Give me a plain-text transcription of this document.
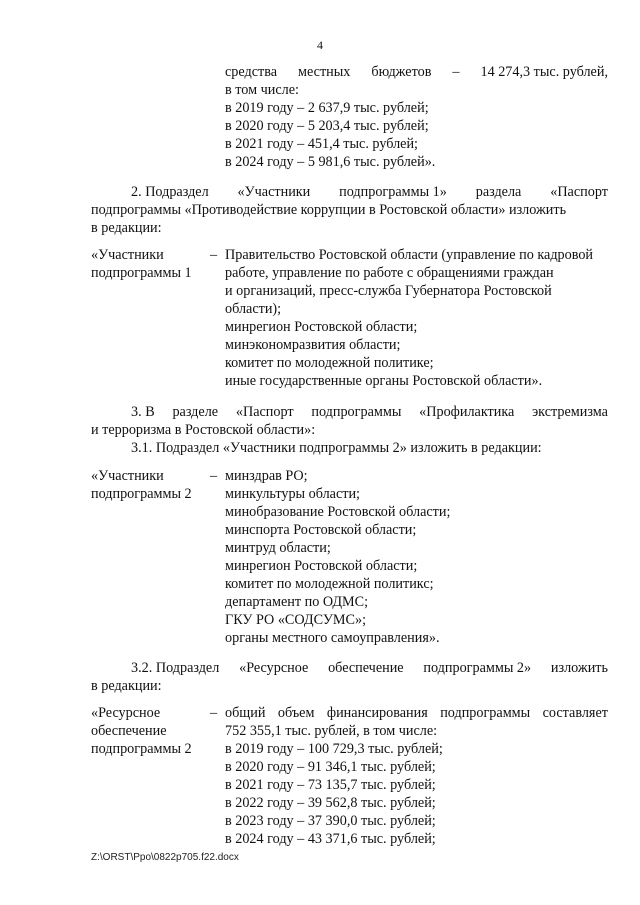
4
средства местных бюджетов – 14 274,3 тыс. рублей,
в том числе:
в 2019 году – 2 637,9 тыс. рублей;
в 2020 году – 5 203,4 тыс. рублей;
в 2021 году – 451,4 тыс. рублей;
в 2024 году – 5 981,6 тыс. рублей».
2. Подраздел «Участники подпрограммы 1» раздела «Паспорт
подпрограммы «Противодействие коррупции в Ростовской области» изложить
в редакции:
«Участники
подпрограммы 1
– Правительство Ростовской области (управление по кадровой
работе, управление по работе с обращениями граждан
и организаций, пресс-служба Губернатора Ростовской
области);
минрегион Ростовской области;
минэкономразвития области;
комитет по молодежной политике;
иные государственные органы Ростовской области».
3. В разделе «Паспорт подпрограммы «Профилактика экстремизма
и терроризма в Ростовской области»:
3.1. Подраздел «Участники подпрограммы 2» изложить в редакции:
«Участники
подпрограммы 2
– минздрав РО;
минкультуры области;
минобразование Ростовской области;
минспорта Ростовской области;
минтруд области;
минрегион Ростовской области;
комитет по молодежной политикс;
департамент по ОДМС;
ГКУ РО «СОДСУМС»;
органы местного самоуправления».
3.2. Подраздел «Ресурсное обеспечение подпрограммы 2» изложить
в редакции:
«Ресурсное
обеспечение
подпрограммы 2
– общий объем финансирования подпрограммы составляет
752 355,1 тыс. рублей, в том числе:
в 2019 году – 100 729,3 тыс. рублей;
в 2020 году – 91 346,1 тыс. рублей;
в 2021 году – 73 135,7 тыс. рублей;
в 2022 году – 39 562,8 тыс. рублей;
в 2023 году – 37 390,0 тыс. рублей;
в 2024 году – 43 371,6 тыс. рублей;
Z:\ORST\Ppo\0822p705.f22.docx
